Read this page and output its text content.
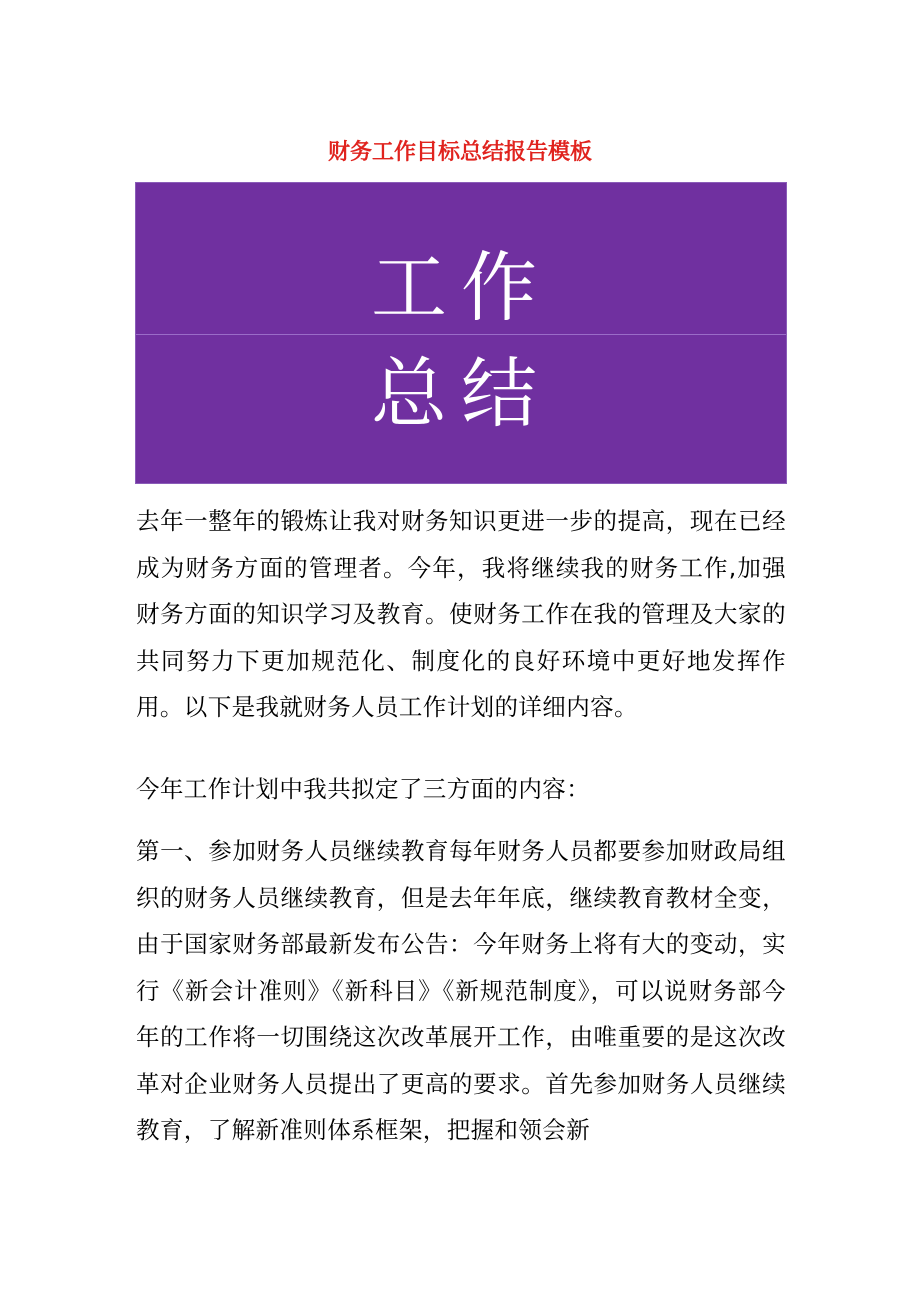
财务工作目标总结报告模板
工作
总结

去年一整年的锻炼让我对财务知识更进一步的提高，现在已经成为财务方面的管理者。今年，我将继续我的财务工作,加强财务方面的知识学习及教育。使财务工作在我的管理及大家的共同努力下更加规范化、制度化的良好环境中更好地发挥作用。以下是我就财务人员工作计划的详细内容。

今年工作计划中我共拟定了三方面的内容：

第一、参加财务人员继续教育每年财务人员都要参加财政局组织的财务人员继续教育，但是去年年底，继续教育教材全变，由于国家财务部最新发布公告：今年财务上将有大的变动，实行《新会计准则》《新科目》《新规范制度》，可以说财务部今年的工作将一切围绕这次改革展开工作，由唯重要的是这次改革对企业财务人员提出了更高的要求。首先参加财务人员继续教育，了解新准则体系框架，把握和领会新
